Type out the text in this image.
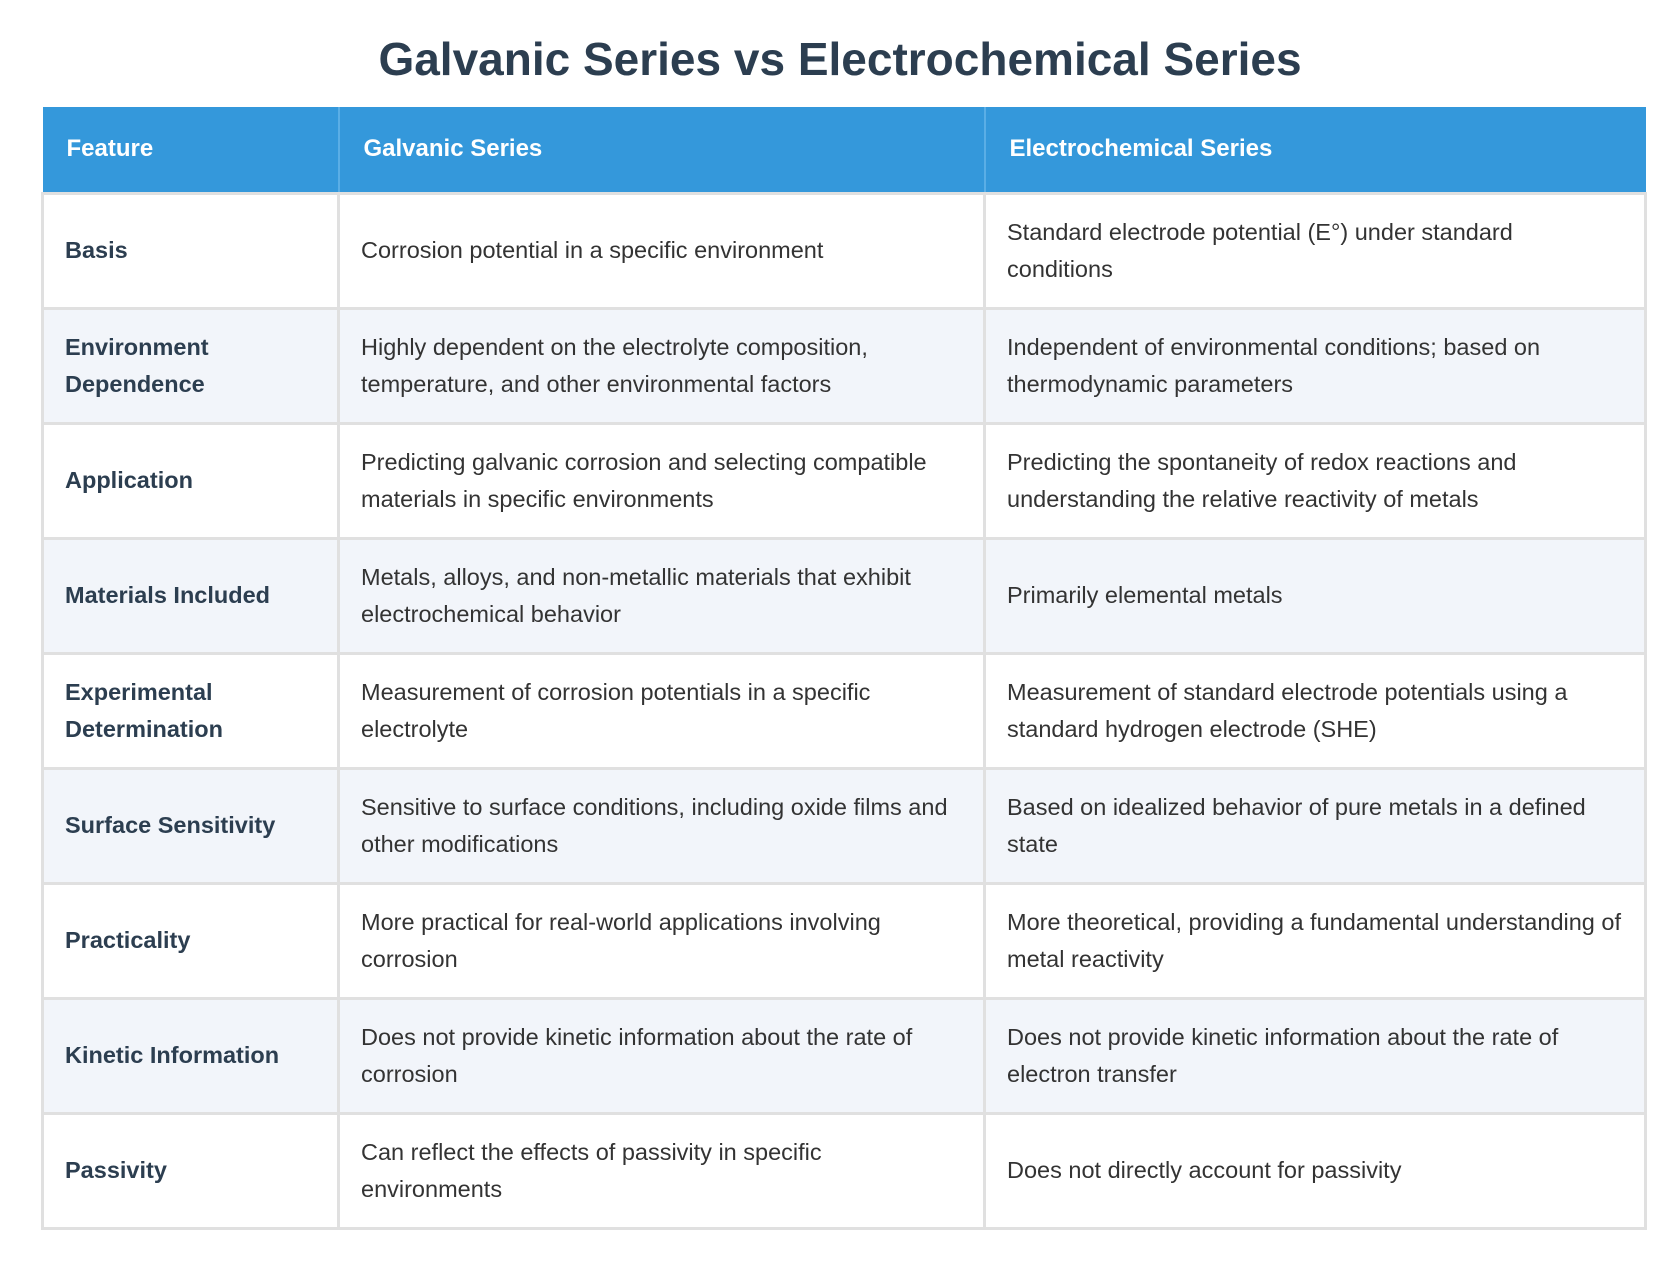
Galvanic Series vs Electrochemical Series
Feature	Galvanic Series	Electrochemical Series
Basis	Corrosion potential in a specific environment	Standard electrode potential (E°) under standard conditions
Environment Dependence	Highly dependent on the electrolyte composition, temperature, and other environmental factors	Independent of environmental conditions; based on thermodynamic parameters
Application	Predicting galvanic corrosion and selecting compatible materials in specific environments	Predicting the spontaneity of redox reactions and understanding the relative reactivity of metals
Materials Included	Metals, alloys, and non-metallic materials that exhibit electrochemical behavior	Primarily elemental metals
Experimental Determination	Measurement of corrosion potentials in a specific electrolyte	Measurement of standard electrode potentials using a standard hydrogen electrode (SHE)
Surface Sensitivity	Sensitive to surface conditions, including oxide films and other modifications	Based on idealized behavior of pure metals in a defined state
Practicality	More practical for real-world applications involving corrosion	More theoretical, providing a fundamental understanding of metal reactivity
Kinetic Information	Does not provide kinetic information about the rate of corrosion	Does not provide kinetic information about the rate of electron transfer
Passivity	Can reflect the effects of passivity in specific environments	Does not directly account for passivity
